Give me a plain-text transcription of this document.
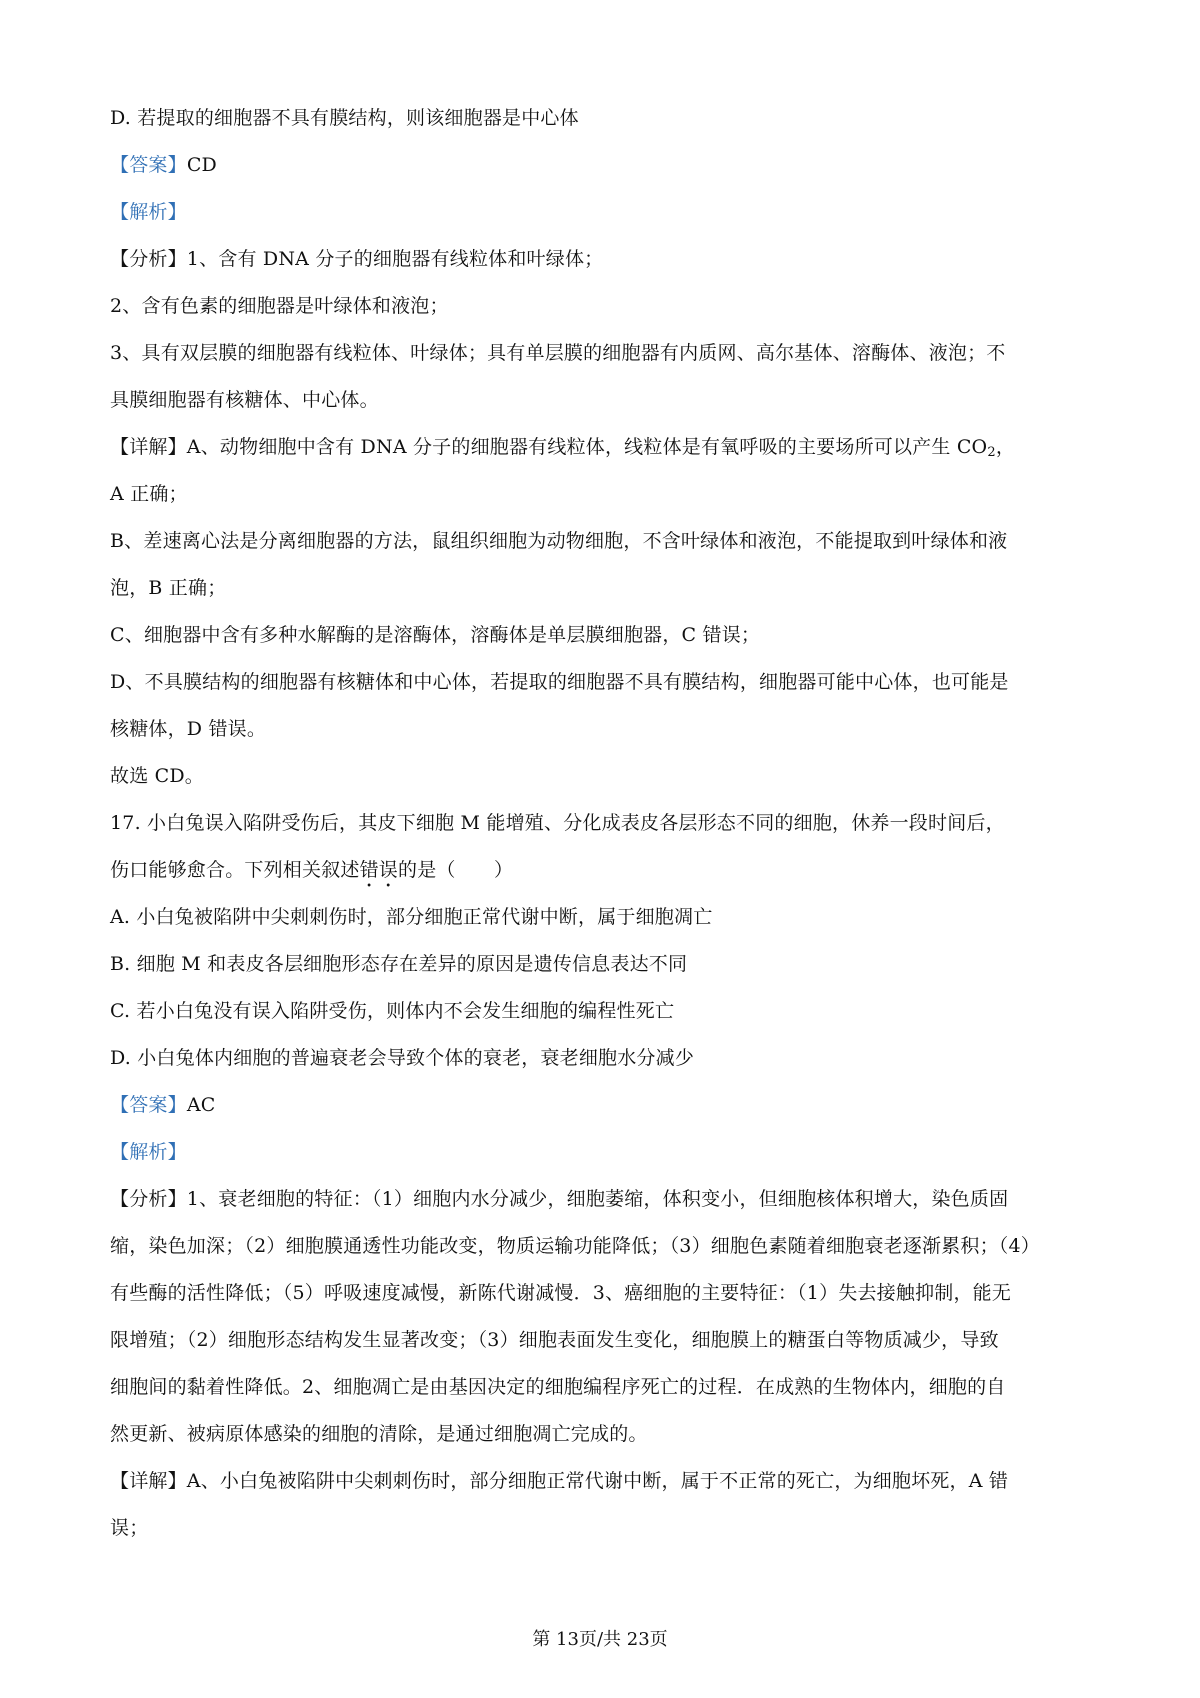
D. 若提取的细胞器不具有膜结构，则该细胞器是中心体
【答案】CD
【解析】
【分析】1、含有 DNA 分子的细胞器有线粒体和叶绿体；
2、含有色素的细胞器是叶绿体和液泡；
3、具有双层膜的细胞器有线粒体、叶绿体；具有单层膜的细胞器有内质网、高尔基体、溶酶体、液泡；不
具膜细胞器有核糖体、中心体。
【详解】A、动物细胞中含有 DNA 分子的细胞器有线粒体，线粒体是有氧呼吸的主要场所可以产生 $CO_2$，
A 正确；
B、差速离心法是分离细胞器的方法，鼠组织细胞为动物细胞，不含叶绿体和液泡，不能提取到叶绿体和液
泡，B 正确；
C、细胞器中含有多种水解酶的是溶酶体，溶酶体是单层膜细胞器，C 错误；
D、不具膜结构的细胞器有核糖体和中心体，若提取的细胞器不具有膜结构，细胞器可能中心体，也可能是
核糖体，D 错误。
故选 CD。
17. 小白兔误入陷阱受伤后，其皮下细胞 M 能增殖、分化成表皮各层形态不同的细胞，休养一段时间后，
伤口能够愈合。下列相关叙述错误的是（　　）
A. 小白兔被陷阱中尖刺刺伤时，部分细胞正常代谢中断，属于细胞凋亡
B. 细胞 M 和表皮各层细胞形态存在差异的原因是遗传信息表达不同
C. 若小白兔没有误入陷阱受伤，则体内不会发生细胞的编程性死亡
D. 小白兔体内细胞的普遍衰老会导致个体的衰老，衰老细胞水分减少
【答案】AC
【解析】
【分析】1、衰老细胞的特征：（1）细胞内水分减少，细胞萎缩，体积变小，但细胞核体积增大，染色质固
缩，染色加深；（2）细胞膜通透性功能改变，物质运输功能降低；（3）细胞色素随着细胞衰老逐渐累积；（4）
有些酶的活性降低；（5）呼吸速度减慢，新陈代谢减慢．3、癌细胞的主要特征：（1）失去接触抑制，能无
限增殖；（2）细胞形态结构发生显著改变；（3）细胞表面发生变化，细胞膜上的糖蛋白等物质减少，导致
细胞间的黏着性降低。2、细胞凋亡是由基因决定的细胞编程序死亡的过程．在成熟的生物体内，细胞的自
然更新、被病原体感染的细胞的清除，是通过细胞凋亡完成的。
【详解】A、小白兔被陷阱中尖刺刺伤时，部分细胞正常代谢中断，属于不正常的死亡，为细胞坏死，A 错
误；
第 13页/共 23页
